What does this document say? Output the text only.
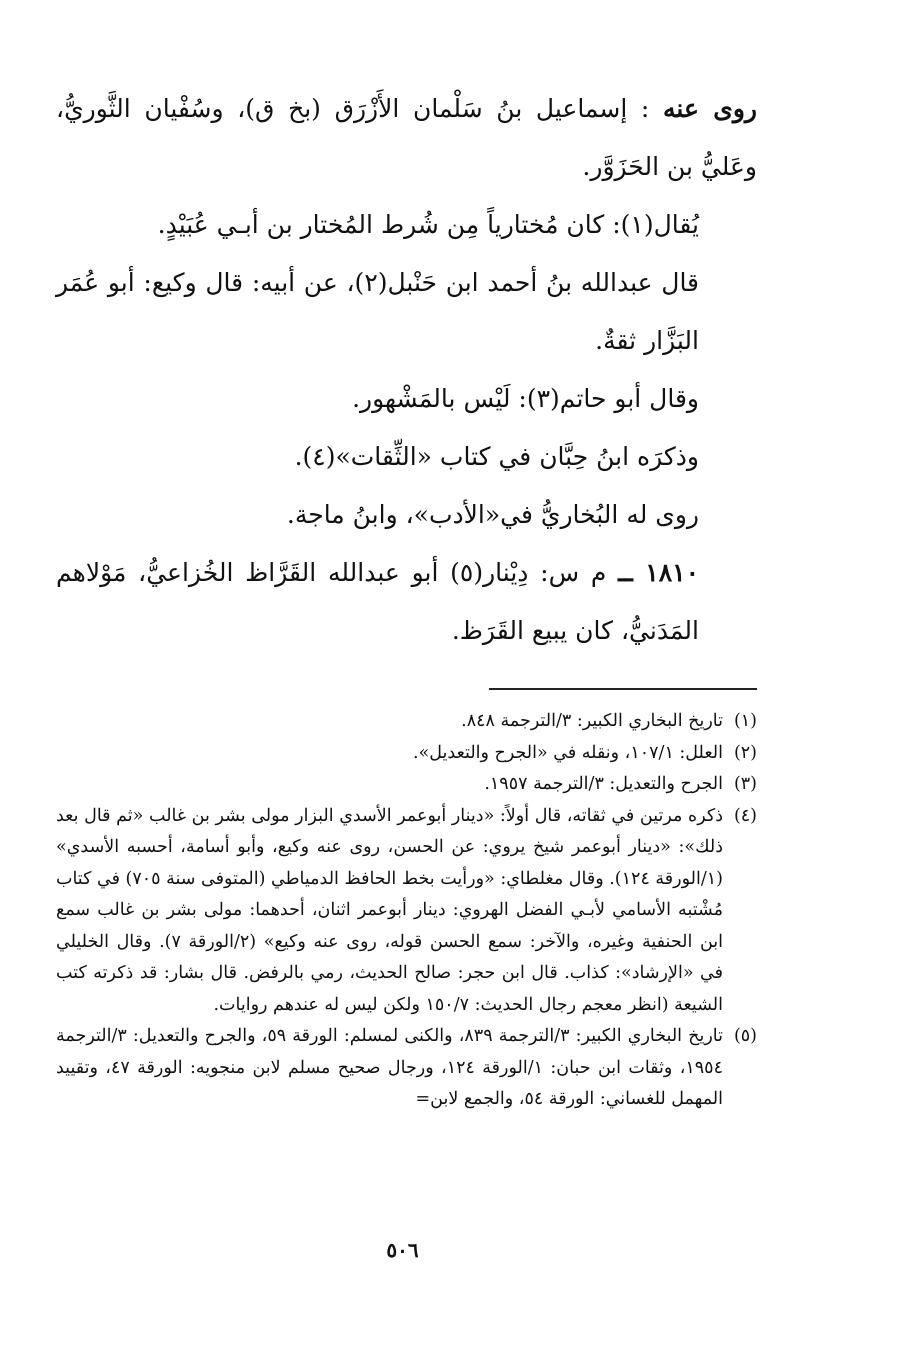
روى عنه : إسماعيل بنُ سَلْمان الأَزْرَق (بخ ق)، وسُفْيان الثَّوريُّ، وعَليُّ بن الحَزَوَّر.

يُقال(١): كان مُختارياً مِن شُرط المُختار بن أبـي عُبَيْدٍ.

قال عبدالله بنُ أحمد ابن حَنْبل(٢)، عن أبيه: قال وكيع: أبو عُمَر البَزَّار ثقةٌ.

وقال أبو حاتم(٣): لَيْس بالمَشْهور.

وذكرَه ابنُ حِبَّان في كتاب «الثِّقات»(٤).

روى له البُخاريُّ في«الأدب»، وابنُ ماجة.

١٨١٠ ــ م س: دِيْنار(٥) أبو عبدالله القَرَّاظ الخُزاعيُّ، مَوْلاهم المَدَنيُّ، كان يبيع القَرَظ.

(١)
تاريخ البخاري الكبير: ٣/الترجمة ٨٤٨.
(٢)
العلل: ١٠٧/١، ونقله في «الجرح والتعديل».
(٣)
الجرح والتعديل: ٣/الترجمة ١٩٥٧.
(٤)
ذكره مرتين في ثقاته، قال أولاً: «دينار أبوعمر الأسدي البزار مولى بشر بن غالب «ثم قال بعد ذلك»: «دينار أبوعمر شيخ يروي: عن الحسن، روى عنه وكيع، وأبو أسامة، أحسبه الأسدي» (١/الورقة ١٢٤). وقال مغلطاي: «ورأيت بخط الحافظ الدمياطي (المتوفى سنة ٧٠٥) في كتاب مُشْتبه الأسامي لأبـي الفضل الهروي: دينار أبوعمر اثنان، أحدهما: مولى بشر بن غالب سمع ابن الحنفية وغيره، والآخر: سمع الحسن قوله، روى عنه وكيع» (٢/الورقة ٧). وقال الخليلي في «الإرشاد»: كذاب. قال ابن حجر: صالح الحديث، رمي بالرفض. قال بشار: قد ذكرته كتب الشيعة (انظر معجم رجال الحديث: ١٥٠/٧ ولكن ليس له عندهم روايات.
(٥)
تاريخ البخاري الكبير: ٣/الترجمة ٨٣٩، والكنى لمسلم: الورقة ٥٩، والجرح والتعديل: ٣/الترجمة ١٩٥٤، وثقات ابن حبان: ١/الورقة ١٢٤، ورجال صحيح مسلم لابن منجويه: الورقة ٤٧، وتقييد المهمل للغساني: الورقة ٥٤، والجمع لابن=
٥٠٦
